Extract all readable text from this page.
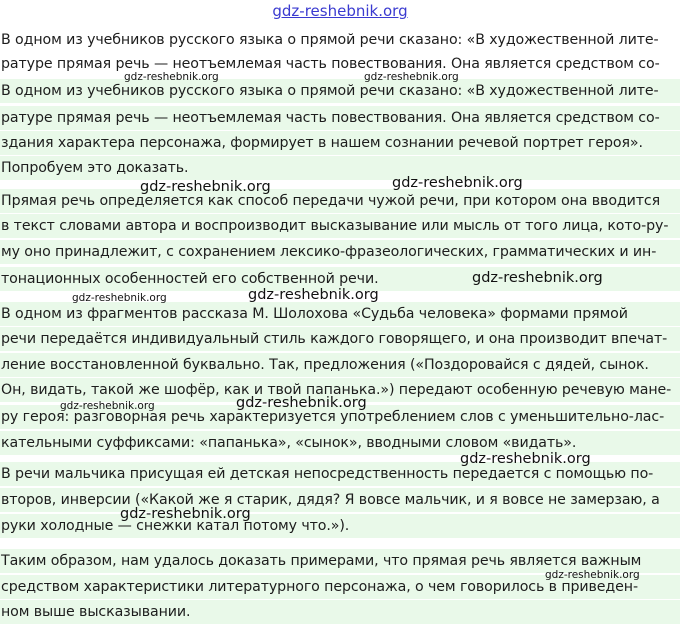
gdz-reshebnik.org
В одном из учебников русского языка о прямой речи сказано: «В художественной лите-
ратуре прямая речь — неотъемлемая часть повествования. Она является средством со-
В одном из учебников русского языка о прямой речи сказано: «В художественной лите-
ратуре прямая речь — неотъемлемая часть повествования. Она является средством со-
здания характера персонажа, формирует в нашем сознании речевой портрет героя».
Попробуем это доказать.
Прямая речь определяется как способ передачи чужой речи, при котором она вводится
в текст словами автора и воспроизводит высказывание или мысль от того лица, кото-ру-
му оно принадлежит, с сохранением лексико-фразеологических, грамматических и ин-
тонационных особенностей его собственной речи.
В одном из фрагментов рассказа М. Шолохова «Судьба человека» формами прямой
речи передаётся индивидуальный стиль каждого говорящего, и она производит впечат-
ление восстановленной буквально. Так, предложения («Поздоровайся с дядей, сынок.
Он, видать, такой же шофёр, как и твой папанька.») передают особенную речевую мане-
ру героя: разговорная речь характеризуется употреблением слов с уменьшительно-лас-
кательными суффиксами: «папанька», «сынок», вводными словом «видать».
В речи мальчика присущая ей детская непосредственность передается с помощью по-
второв, инверсии («Какой же я старик, дядя? Я вовсе мальчик, и я вовсе не замерзаю, а
руки холодные — снежки катал потому что.»).
Таким образом, нам удалось доказать примерами, что прямая речь является важным
средством характеристики литературного персонажа, о чем говорилось в приведен-
ном выше высказывании.
gdz-reshebnik.org	gdz-reshebnik.org
gdz-reshebnik.org	gdz-reshebnik.org
gdz-reshebnik.org
gdz-reshebnik.org
gdz-reshebnik.org
gdz-reshebnik.org
gdz-reshebnik.org
gdz-reshebnik.org
gdz-reshebnik.org
gdz-reshebnik.org
